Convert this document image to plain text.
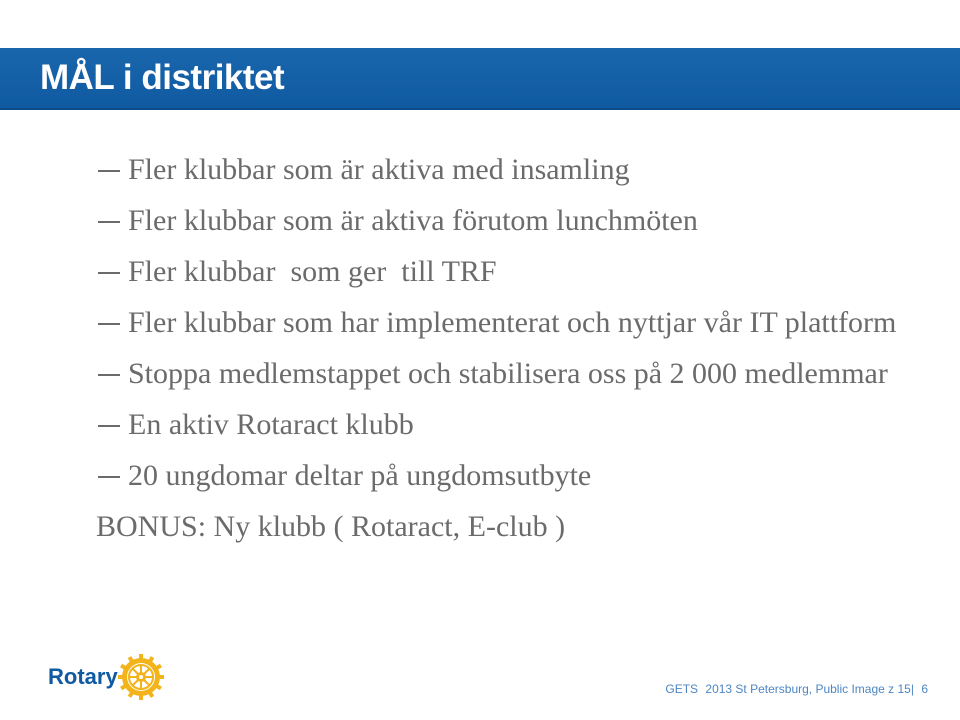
MÅL i distriktet
Fler klubbar som är aktiva med insamling
Fler klubbar som är aktiva förutom lunchmöten
Fler klubbar  som ger  till TRF
Fler klubbar som har implementerat och nyttjar vår IT plattform
Stoppa medlemstappet och stabilisera oss på 2 000 medlemmar
En aktiv Rotaract klubb
20 ungdomar deltar på ungdomsutbyte
BONUS: Ny klubb ( Rotaract, E-club )
Rotary	GETS 2013 St Petersburg, Public Image z 15| 6
